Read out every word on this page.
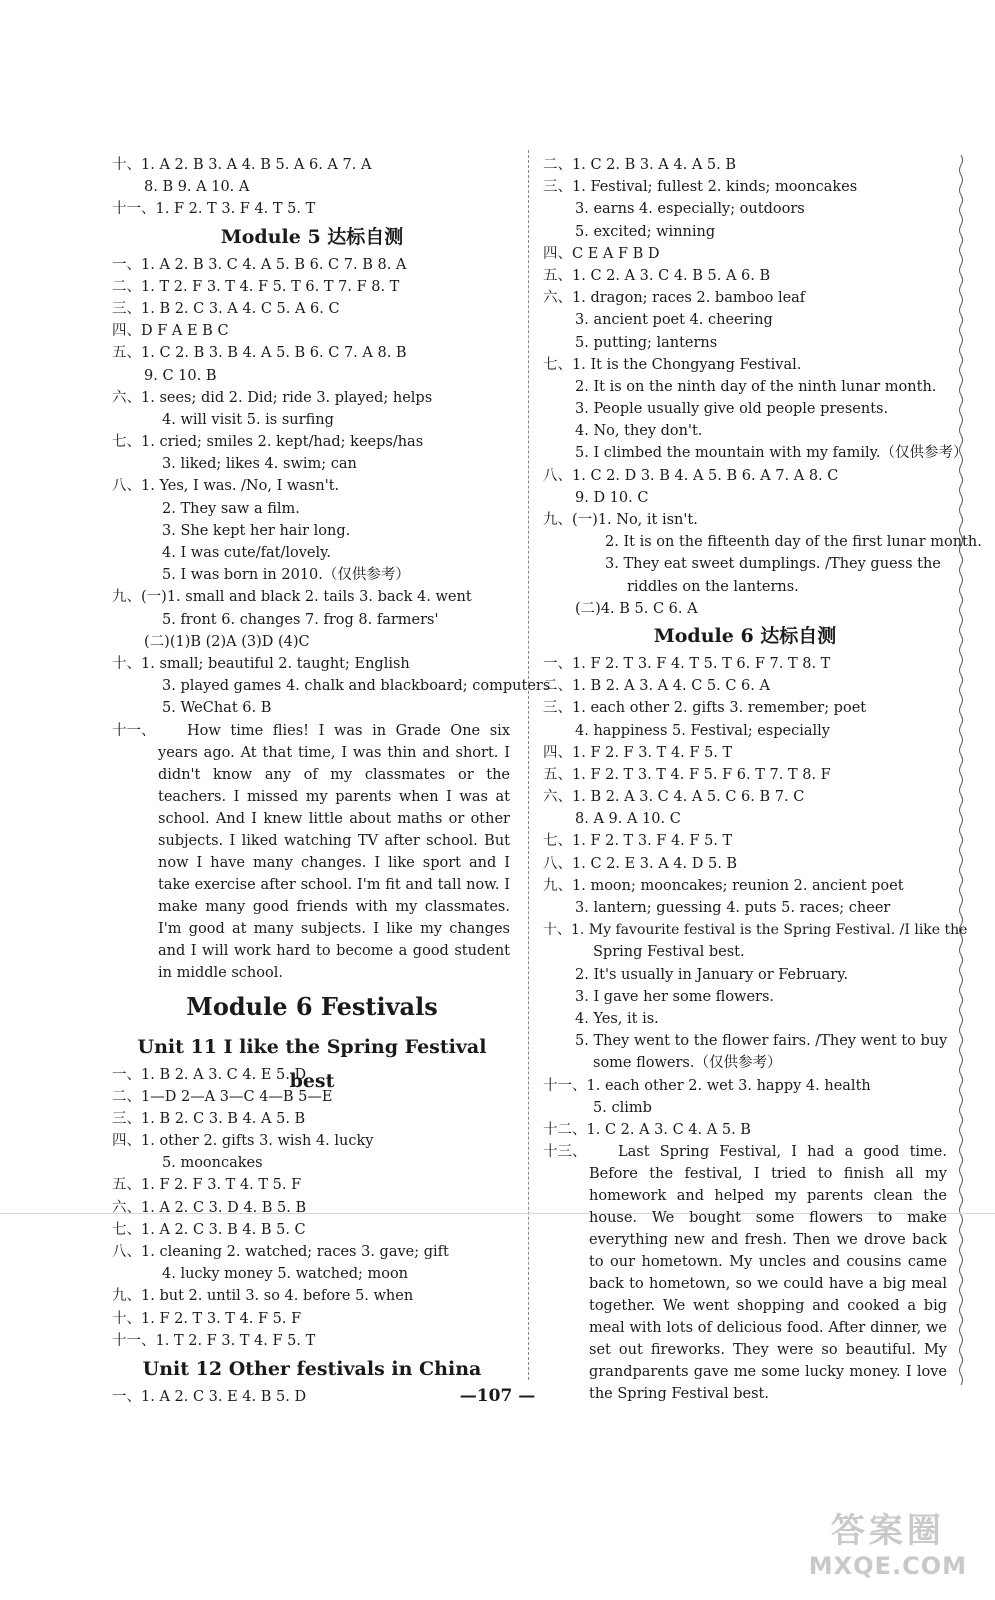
十、1. A 2. B 3. A 4. B 5. A 6. A 7. A
8. B 9. A 10. A
十一、1. F 2. T 3. F 4. T 5. T
Module 5 达标自测
一、1. A 2. B 3. C 4. A 5. B 6. C 7. B 8. A
二、1. T 2. F 3. T 4. F 5. T 6. T 7. F 8. T
三、1. B 2. C 3. A 4. C 5. A 6. C
四、D F A E B C
五、1. C 2. B 3. B 4. A 5. B 6. C 7. A 8. B
9. C 10. B
六、1. sees; did 2. Did; ride 3. played; helps
4. will visit 5. is surfing
七、1. cried; smiles 2. kept/had; keeps/has
3. liked; likes 4. swim; can
八、1. Yes, I was. /No, I wasn't.
2. They saw a film.
3. She kept her hair long.
4. I was cute/fat/lovely.
5. I was born in 2010.（仅供参考）
九、(一)1. small and black 2. tails 3. back 4. went
5. front 6. changes 7. frog 8. farmers'
(二)(1)B (2)A (3)D (4)C
十、1. small; beautiful 2. taught; English
3. played games 4. chalk and blackboard; computers
5. WeChat 6. B
十一、	How time flies! I was in Grade One six years ago. At that time, I was thin and short. I didn't know any of my classmates or the teachers. I missed my parents when I was at school. And I knew little about maths or other subjects. I liked watching TV after school. But now I have many changes. I like sport and I take exercise after school. I'm fit and tall now. I make many good friends with my classmates. I'm good at many subjects. I like my changes and I will work hard to become a good student in middle school.
Module 6 Festivals
Unit 11 I like the Spring Festival best
一、1. B 2. A 3. C 4. E 5. D
二、1—D 2—A 3—C 4—B 5—E
三、1. B 2. C 3. B 4. A 5. B
四、1. other 2. gifts 3. wish 4. lucky
5. mooncakes
五、1. F 2. F 3. T 4. T 5. F
六、1. A 2. C 3. D 4. B 5. B
七、1. A 2. C 3. B 4. B 5. C
八、1. cleaning 2. watched; races 3. gave; gift
4. lucky money 5. watched; moon
九、1. but 2. until 3. so 4. before 5. when
十、1. F 2. T 3. T 4. F 5. F
十一、1. T 2. F 3. T 4. F 5. T
Unit 12 Other festivals in China
一、1. A 2. C 3. E 4. B 5. D
二、1. C 2. B 3. A 4. A 5. B
三、1. Festival; fullest 2. kinds; mooncakes
3. earns 4. especially; outdoors
5. excited; winning
四、C E A F B D
五、1. C 2. A 3. C 4. B 5. A 6. B
六、1. dragon; races 2. bamboo leaf
3. ancient poet 4. cheering
5. putting; lanterns
七、1. It is the Chongyang Festival.
2. It is on the ninth day of the ninth lunar month.
3. People usually give old people presents.
4. No, they don't.
5. I climbed the mountain with my family.（仅供参考）
八、1. C 2. D 3. B 4. A 5. B 6. A 7. A 8. C
9. D 10. C
九、(一)1. No, it isn't.
2. It is on the fifteenth day of the first lunar month.
3. They eat sweet dumplings. /They guess the
riddles on the lanterns.
(二)4. B 5. C 6. A
Module 6 达标自测
一、1. F 2. T 3. F 4. T 5. T 6. F 7. T 8. T
二、1. B 2. A 3. A 4. C 5. C 6. A
三、1. each other 2. gifts 3. remember; poet
4. happiness 5. Festival; especially
四、1. F 2. F 3. T 4. F 5. T
五、1. F 2. T 3. T 4. F 5. F 6. T 7. T 8. F
六、1. B 2. A 3. C 4. A 5. C 6. B 7. C
8. A 9. A 10. C
七、1. F 2. T 3. F 4. F 5. T
八、1. C 2. E 3. A 4. D 5. B
九、1. moon; mooncakes; reunion 2. ancient poet
3. lantern; guessing 4. puts 5. races; cheer
十、1. My favourite festival is the Spring Festival. /I like the
Spring Festival best.
2. It's usually in January or February.
3. I gave her some flowers.
4. Yes, it is.
5. They went to the flower fairs. /They went to buy
some flowers.（仅供参考）
十一、1. each other 2. wet 3. happy 4. health
5. climb
十二、1. C 2. A 3. C 4. A 5. B
十三、	Last Spring Festival, I had a good time. Before the festival, I tried to finish all my homework and helped my parents clean the house. We bought some flowers to make everything new and fresh. Then we drove back to our hometown. My uncles and cousins came back to hometown, so we could have a big meal together. We went shopping and cooked a big meal with lots of delicious food. After dinner, we set out fireworks. They were so beautiful. My grandparents gave me some lucky money. I love the Spring Festival best.
—107 —
答案圈
MXQE.COM
